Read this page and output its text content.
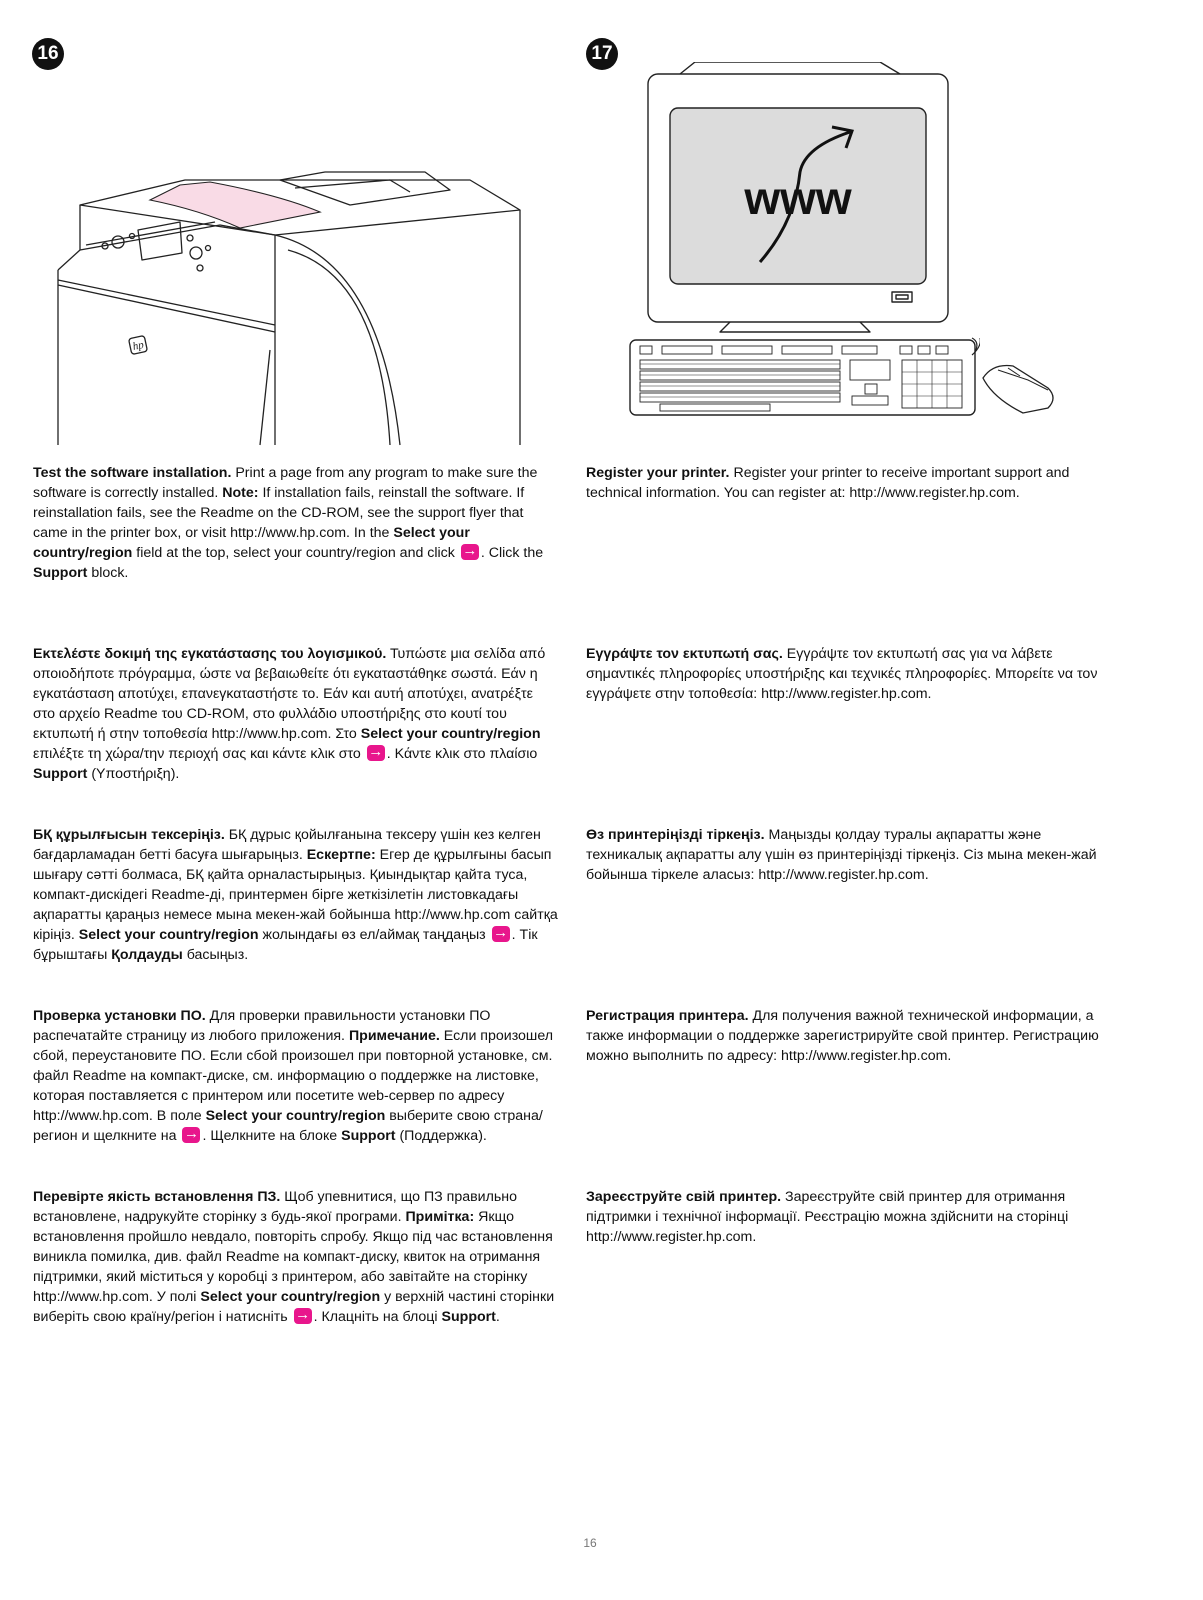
16	17
hp
www
Test the software installation. Print a page from any program to make sure the software is correctly installed. Note: If installation fails, reinstall the software. If reinstallation fails, see the Readme on the CD-ROM, see the support flyer that came in the printer box, or visit http://www.hp.com. In the Select your country/region field at the top, select your country/region and click →. Click the Support block.
Εκτελέστε δοκιμή της εγκατάστασης του λογισμικού. Τυπώστε μια σελίδα από οποιοδήποτε πρόγραμμα, ώστε να βεβαιωθείτε ότι εγκαταστάθηκε σωστά. Εάν η εγκατάσταση αποτύχει, επανεγκαταστήστε το. Εάν και αυτή αποτύχει, ανατρέξτε στο αρχείο Readme του CD-ROM, στο φυλλάδιο υποστήριξης στο κουτί του εκτυπωτή ή στην τοποθεσία http://www.hp.com. Στο Select your country/region επιλέξτε τη χώρα/την περιοχή σας και κάντε κλικ στο →. Κάντε κλικ στο πλαίσιο Support (Υποστήριξη).
БҚ құрылғысын тексеріңіз. БҚ дұрыс қойылғанына тексеру үшін кез келген бағдарламадан бетті басуға шығарыңыз. Ескертпе: Егер де құрылғыны басып шығару сәтті болмаса, БҚ қайта орналастырыңыз. Қиындықтар қайта туса, компакт-дискідегі Readme-ді, принтермен бірге жеткізілетін листовкадағы ақпаратты қараңыз немесе мына мекен-жай бойынша http://www.hp.com сайтқа кіріңіз. Select your country/region жолындағы өз ел/аймақ таңдаңыз →. Тік бұрыштағы Қолдауды басыңыз.
Проверка установки ПО. Для проверки правильности установки ПО распечатайте страницу из любого приложения. Примечание. Если произошел сбой, переустановите ПО. Если сбой произошел при повторной установке, см. файл Readme на компакт-диске, см. информацию о поддержке на листовке, которая поставляется с принтером или посетите web-сервер по адресу http://www.hp.com. В поле Select your country/region выберите свою страна/регион и щелкните на →. Щелкните на блоке Support (Поддержка).
Перевірте якість встановлення ПЗ. Щоб упевнитися, що ПЗ правильно встановлене, надрукуйте сторінку з будь-якої програми. Примітка: Якщо встановлення пройшло невдало, повторіть спробу. Якщо під час встановлення виникла помилка, див. файл Readme на компакт-диску, квиток на отримання підтримки, який міститься у коробці з принтером, або завітайте на сторінку http://www.hp.com. У полі Select your country/region у верхній частині сторінки виберіть свою країну/регіон і натисніть →. Клацніть на блоці Support.
Register your printer. Register your printer to receive important support and technical information. You can register at: http://www.register.hp.com.
Εγγράψτε τον εκτυπωτή σας. Εγγράψτε τον εκτυπωτή σας για να λάβετε σημαντικές πληροφορίες υποστήριξης και τεχνικές πληροφορίες. Μπορείτε να τον εγγράψετε στην τοποθεσία: http://www.register.hp.com.
Өз принтеріңізді тіркеңіз. Маңызды қолдау туралы ақпаратты және техникалық ақпаратты алу үшін өз принтеріңізді тіркеңіз. Сіз мына мекен-жай бойынша тіркеле аласыз: http://www.register.hp.com.
Регистрация принтера. Для получения важной технической информации, а также информации о поддержке зарегистрируйте свой принтер. Регистрацию можно выполнить по адресу: http://www.register.hp.com.
Зареєструйте свій принтер. Зареєструйте свій принтер для отримання підтримки і технічної інформації. Реєстрацію можна здійснити на сторінці http://www.register.hp.com.
16
